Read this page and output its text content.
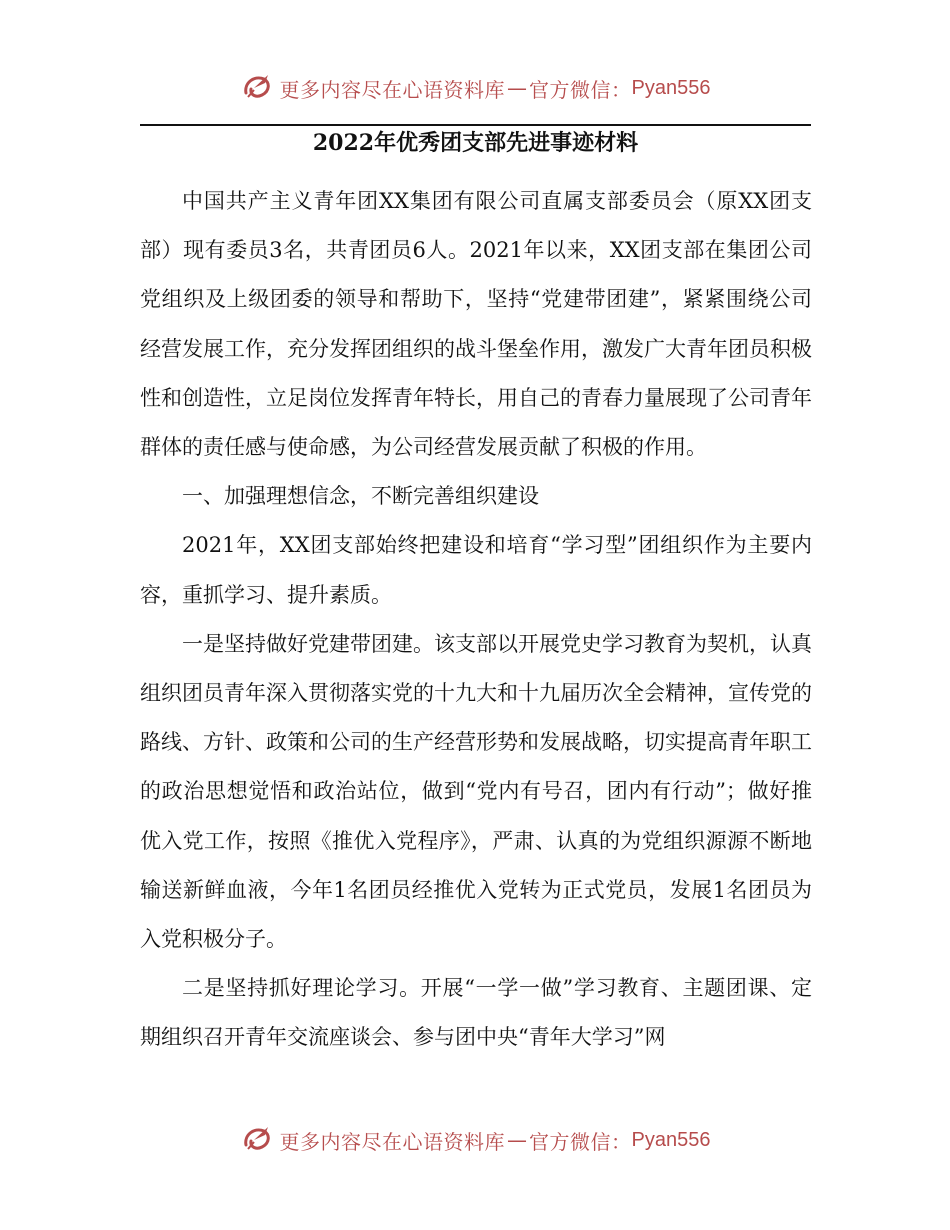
更多内容尽在心语资料库 — 官方微信： Pyan556
2022年优秀团支部先进事迹材料

中国共产主义青年团XX集团有限公司直属支部委员会（原XX团支部）现有委员3名，共青团员6人。2021年以来，XX团支部在集团公司党组织及上级团委的领导和帮助下，坚持“党建带团建”，紧紧围绕公司经营发展工作，充分发挥团组织的战斗堡垒作用，激发广大青年团员积极性和创造性，立足岗位发挥青年特长，用自己的青春力量展现了公司青年群体的责任感与使命感，为公司经营发展贡献了积极的作用。

一、加强理想信念，不断完善组织建设

2021年，XX团支部始终把建设和培育“学习型”团组织作为主要内容，重抓学习、提升素质。

一是坚持做好党建带团建。该支部以开展党史学习教育为契机，认真组织团员青年深入贯彻落实党的十九大和十九届历次全会精神，宣传党的路线、方针、政策和公司的生产经营形势和发展战略，切实提高青年职工的政治思想觉悟和政治站位，做到“党内有号召，团内有行动”；做好推优入党工作，按照《推优入党程序》，严肃、认真的为党组织源源不断地输送新鲜血液，今年1名团员经推优入党转为正式党员，发展1名团员为入党积极分子。

二是坚持抓好理论学习。开展“一学一做”学习教育、主题团课、定期组织召开青年交流座谈会、参与团中央“青年大学习”网

更多内容尽在心语资料库 — 官方微信： Pyan556
